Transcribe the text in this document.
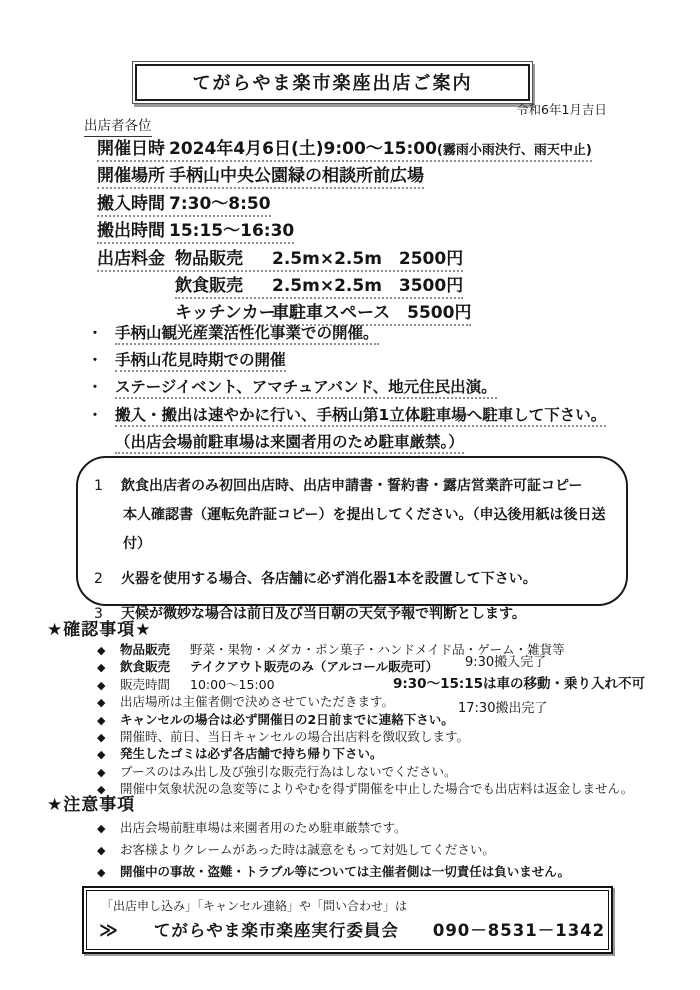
てがらやま楽市楽座出店ご案内
令和6年1月吉日
出店者各位
開催日時 2024年4月6日(土)9:00～15:00(霧雨小雨決行、雨天中止)
開催場所 手柄山中央公園緑の相談所前広場
搬入時間 7:30～8:50
搬出時間 15:15～16:30
出店料金 物品販売 2.5m×2.5m　2500円
飲食販売 2.5m×2.5m　3500円
キッチンカー車駐車スペース　5500円
・ 手柄山観光産業活性化事業での開催。
・ 手柄山花見時期での開催
・ ステージイベント、アマチュアバンド、地元住民出演。
・ 搬入・搬出は速やかに行い、手柄山第1立体駐車場へ駐車して下さい。
（出店会場前駐車場は来園者用のため駐車厳禁。）
1	飲食出店者のみ初回出店時、出店申請書・誓約書・露店営業許可証コピー
本人確認書（運転免許証コピー）を提出してください。（申込後用紙は後日送付）
2	火器を使用する場合、各店舗に必ず消化器1本を設置して下さい。
3	天候が微妙な場合は前日及び当日朝の天気予報で判断とします。
★確認事項★
◆ 物品販売 野菜・果物・メダカ・ポン菓子・ハンドメイド品・ゲーム・雑貨等
◆ 飲食販売 テイクアウト販売のみ（アルコール販売可）
◆ 販売時間 10:00～15:00
◆ 出店場所は主催者側で決めさせていただきます。
◆ キャンセルの場合は必ず開催日の2日前までに連絡下さい。
◆ 開催時、前日、当日キャンセルの場合出店料を徴収致します。
◆ 発生したゴミは必ず各店舗で持ち帰り下さい。
◆ ブースのはみ出し及び強引な販売行為はしないでください。
◆ 開催中気象状況の急変等によりやむを得ず開催を中止した場合でも出店料は返金しません。
9:30搬入完了
9:30～15:15は車の移動・乗り入れ不可
17:30搬出完了
★注意事項
◆ 出店会場前駐車場は来園者用のため駐車厳禁です。
◆ お客様よりクレームがあった時は誠意をもって対処してください。
◆ 開催中の事故・盗難・トラブル等については主催者側は一切責任は負いません。
「出店申し込み」「キャンセル連絡」や「問い合わせ」は
≫ てがらやま楽市楽座実行委員会 090－8531－1342
